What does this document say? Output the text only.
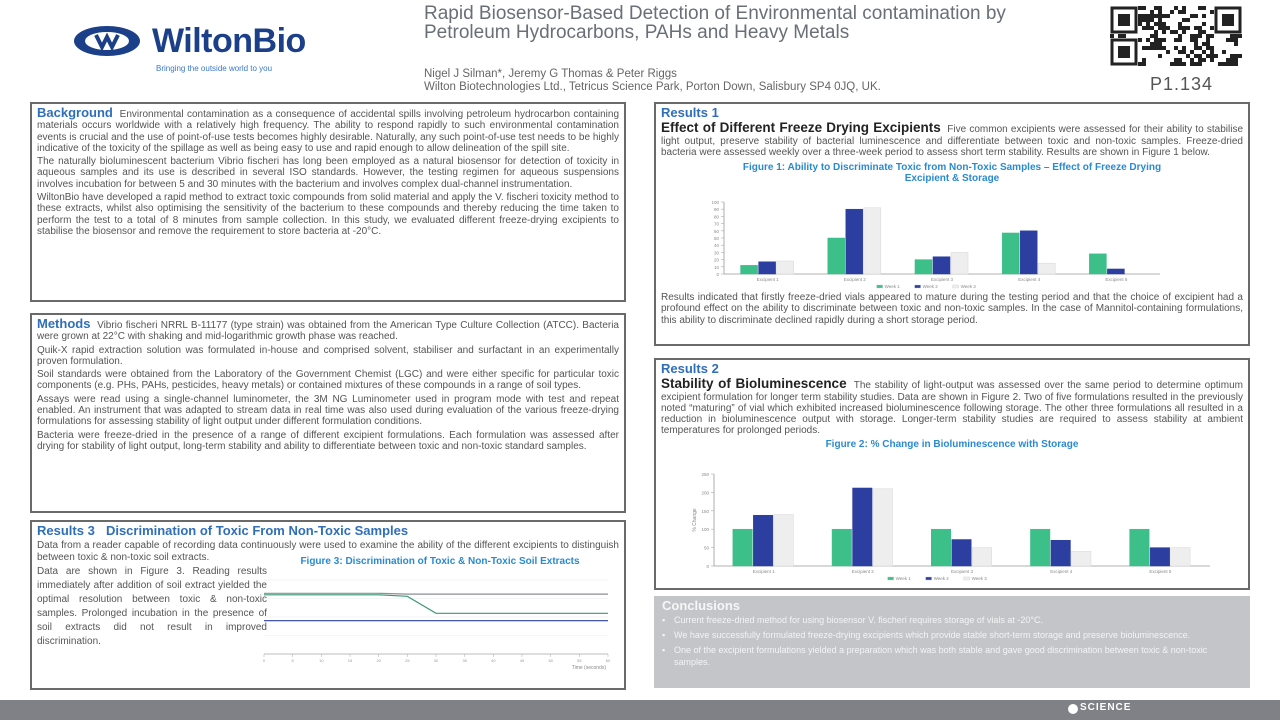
WiltonBio
Bringing the outside world to you
Rapid Biosensor-Based Detection of Environmental contamination by Petroleum Hydrocarbons, PAHs and Heavy Metals
Nigel J Silman*, Jeremy G Thomas & Peter Riggs
Wilton Biotechnologies Ltd., Tetricus Science Park, Porton Down, Salisbury SP4 0JQ, UK.	P1.134

Background Environmental contamination as a consequence of accidental spills involving petroleum hydrocarbon containing materials occurs worldwide with a relatively high frequency. The ability to respond rapidly to such environmental contamination events is crucial and the use of point-of-use tests becomes highly desirable. Naturally, any such point-of-use test needs to be highly indicative of the toxicity of the spillage as well as being easy to use and rapid enough to allow delineation of the spill site.

The naturally bioluminescent bacterium Vibrio fischeri has long been employed as a natural biosensor for detection of toxicity in aqueous samples and its use is described in several ISO standards. However, the testing regimen for aqueous suspensions involves incubation for between 5 and 30 minutes with the bacterium and involves complex dual-channel instrumentation.

WiltonBio have developed a rapid method to extract toxic compounds from solid material and apply the V. fischeri toxicity method to these extracts, whilst also optimising the sensitivity of the bacterium to these compounds and thereby reducing the time taken to perform the test to a total of 8 minutes from sample collection. In this study, we evaluated different freeze-drying excipients to stabilise the biosensor and remove the requirement to store bacteria at -20°C.

Methods Vibrio fischeri NRRL B-11177 (type strain) was obtained from the American Type Culture Collection (ATCC). Bacteria were grown at 22°C with shaking and mid-logarithmic growth phase was reached.

Quik-X rapid extraction solution was formulated in-house and comprised solvent, stabiliser and surfactant in an experimentally proven formulation.

Soil standards were obtained from the Laboratory of the Government Chemist (LGC) and were either specific for particular toxic components (e.g. PHs, PAHs, pesticides, heavy metals) or contained mixtures of these compounds in a range of soil types.

Assays were read using a single-channel luminometer, the 3M NG Luminometer used in program mode with test and repeat enabled. An instrument that was adapted to stream data in real time was also used during evaluation of the various freeze-drying formulations for assessing stability of light output under different formulation conditions.

Bacteria were freeze-dried in the presence of a range of different excipient formulations. Each formulation was assessed after drying for stability of light output, long-term stability and ability to differentiate between toxic and non-toxic standard samples.

Results 3 Discrimination of Toxic From Non-Toxic Samples

Data from a reader capable of recording data continuously were used to examine the ability of the different excipients to distinguish between toxic & non-toxic soil extracts.

Data are shown in Figure 3. Reading results immediately after addition of soil extract yielded the optimal resolution between toxic & non-toxic samples. Prolonged incubation in the presence of soil extracts did not result in improved discrimination.

Figure 3: Discrimination of Toxic & Non-Toxic Soil Extracts
0	5	10	15	20	25	30	35	40	45	50	55	60
Time (seconds)

Results 1

Effect of Different Freeze Drying Excipients Five common excipients were assessed for their ability to stabilise light output, preserve stability of bacterial luminescence and differentiate between toxic and non-toxic samples. Freeze-dried bacteria were assessed weekly over a three-week period to assess short term stability. Results are shown in Figure 1 below.

Figure 1: Ability to Discriminate Toxic from Non-Toxic Samples – Effect of Freeze Drying Excipient & Storage

Results indicated that firstly freeze-dried vials appeared to mature during the testing period and that the choice of excipient had a profound effect on the ability to discriminate between toxic and non-toxic samples. In the case of Mannitol-containing formulations, this ability to discriminate declined rapidly during a short storage period.

0
10
20
30
40
50
60
70
80
90
100
Excipient 1	Excipient 2	Excipient 3	Excipient 4	Excipient 5
Week 1	Week 2	Week 3

Results 2

Stability of Bioluminescence The stability of light-output was assessed over the same period to determine optimum excipient formulation for longer term stability studies. Data are shown in Figure 2. Two of five formulations resulted in the previously noted “maturing” of vial which exhibited increased bioluminescence following storage. The other three formulations all resulted in a reduction in bioluminescence output with storage. Longer-term stability studies are required to assess stability at ambient temperatures for prolonged periods.

Figure 2: % Change in Bioluminescence with Storage
0
50
100
150
200
250
% Change
Excipient 1	Excipient 2	Excipient 3	Excipient 4	Excipient 5
Week 1	Week 2	Week 3
Conclusions
▪ Current freeze-dried method for using biosensor V. fischeri requires storage of vials at -20°C.
▪ We have successfully formulated freeze-drying excipients which provide stable short-term storage and preserve bioluminescence.
▪ One of the excipient formulations yielded a preparation which was both stable and gave good discrimination between toxic & non-toxic samples.
SCIENCE
